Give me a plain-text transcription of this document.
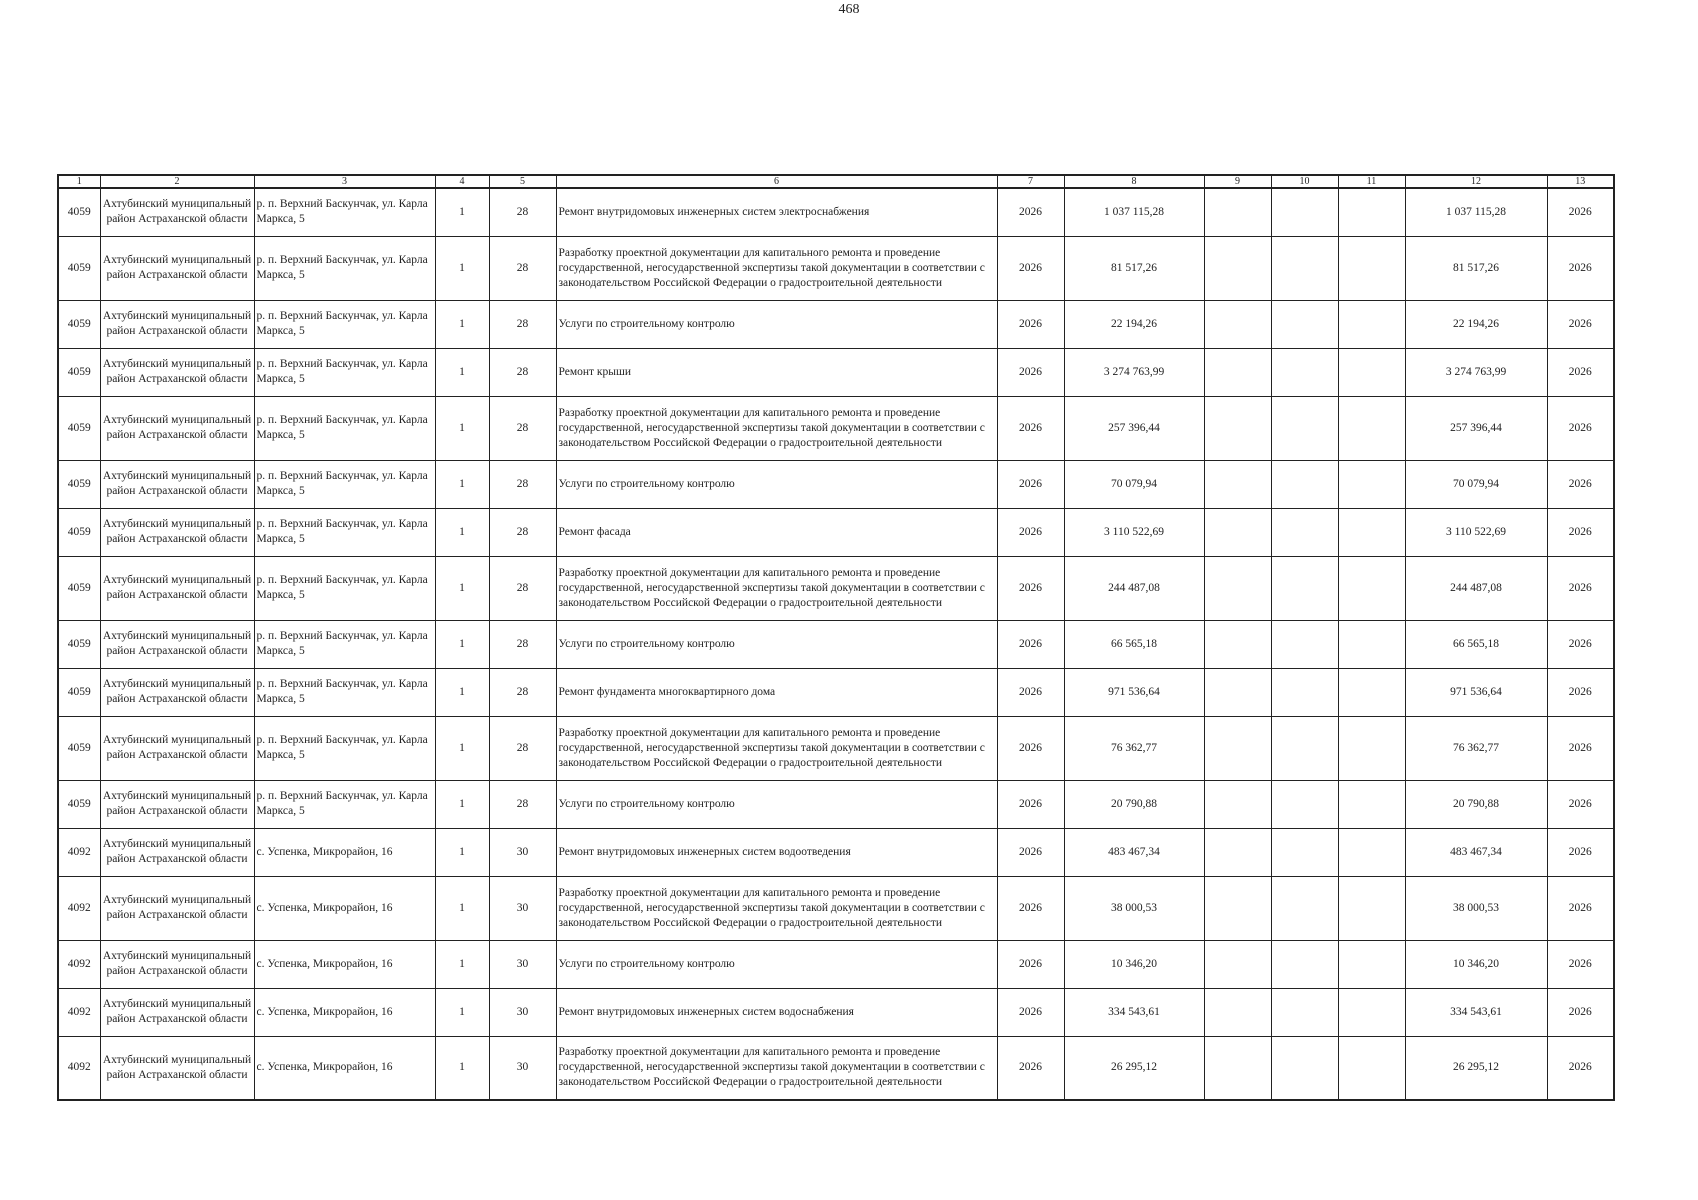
468
1	2	3	4	5	6	7	8	9	10	11	12	13
4059	Ахтубинский муниципальный район Астраханской области	р. п. Верхний Баскунчак, ул. Карла Маркса, 5	1	28	Ремонт внутридомовых инженерных систем электроснабжения	2026	1 037 115,28				1 037 115,28	2026
4059	Ахтубинский муниципальный район Астраханской области	р. п. Верхний Баскунчак, ул. Карла Маркса, 5	1	28	Разработку проектной документации для капитального ремонта и проведение государственной, негосударственной экспертизы такой документации в соответствии с законодательством Российской Федерации о градостроительной деятельности	2026	81 517,26				81 517,26	2026
4059	Ахтубинский муниципальный район Астраханской области	р. п. Верхний Баскунчак, ул. Карла Маркса, 5	1	28	Услуги по строительному контролю	2026	22 194,26				22 194,26	2026
4059	Ахтубинский муниципальный район Астраханской области	р. п. Верхний Баскунчак, ул. Карла Маркса, 5	1	28	Ремонт крыши	2026	3 274 763,99				3 274 763,99	2026
4059	Ахтубинский муниципальный район Астраханской области	р. п. Верхний Баскунчак, ул. Карла Маркса, 5	1	28	Разработку проектной документации для капитального ремонта и проведение государственной, негосударственной экспертизы такой документации в соответствии с законодательством Российской Федерации о градостроительной деятельности	2026	257 396,44				257 396,44	2026
4059	Ахтубинский муниципальный район Астраханской области	р. п. Верхний Баскунчак, ул. Карла Маркса, 5	1	28	Услуги по строительному контролю	2026	70 079,94				70 079,94	2026
4059	Ахтубинский муниципальный район Астраханской области	р. п. Верхний Баскунчак, ул. Карла Маркса, 5	1	28	Ремонт фасада	2026	3 110 522,69				3 110 522,69	2026
4059	Ахтубинский муниципальный район Астраханской области	р. п. Верхний Баскунчак, ул. Карла Маркса, 5	1	28	Разработку проектной документации для капитального ремонта и проведение государственной, негосударственной экспертизы такой документации в соответствии с законодательством Российской Федерации о градостроительной деятельности	2026	244 487,08				244 487,08	2026
4059	Ахтубинский муниципальный район Астраханской области	р. п. Верхний Баскунчак, ул. Карла Маркса, 5	1	28	Услуги по строительному контролю	2026	66 565,18				66 565,18	2026
4059	Ахтубинский муниципальный район Астраханской области	р. п. Верхний Баскунчак, ул. Карла Маркса, 5	1	28	Ремонт фундамента многоквартирного дома	2026	971 536,64				971 536,64	2026
4059	Ахтубинский муниципальный район Астраханской области	р. п. Верхний Баскунчак, ул. Карла Маркса, 5	1	28	Разработку проектной документации для капитального ремонта и проведение государственной, негосударственной экспертизы такой документации в соответствии с законодательством Российской Федерации о градостроительной деятельности	2026	76 362,77				76 362,77	2026
4059	Ахтубинский муниципальный район Астраханской области	р. п. Верхний Баскунчак, ул. Карла Маркса, 5	1	28	Услуги по строительному контролю	2026	20 790,88				20 790,88	2026
4092	Ахтубинский муниципальный район Астраханской области	с. Успенка, Микрорайон, 16	1	30	Ремонт внутридомовых инженерных систем водоотведения	2026	483 467,34				483 467,34	2026
4092	Ахтубинский муниципальный район Астраханской области	с. Успенка, Микрорайон, 16	1	30	Разработку проектной документации для капитального ремонта и проведение государственной, негосударственной экспертизы такой документации в соответствии с законодательством Российской Федерации о градостроительной деятельности	2026	38 000,53				38 000,53	2026
4092	Ахтубинский муниципальный район Астраханской области	с. Успенка, Микрорайон, 16	1	30	Услуги по строительному контролю	2026	10 346,20				10 346,20	2026
4092	Ахтубинский муниципальный район Астраханской области	с. Успенка, Микрорайон, 16	1	30	Ремонт внутридомовых инженерных систем водоснабжения	2026	334 543,61				334 543,61	2026
4092	Ахтубинский муниципальный район Астраханской области	с. Успенка, Микрорайон, 16	1	30	Разработку проектной документации для капитального ремонта и проведение государственной, негосударственной экспертизы такой документации в соответствии с законодательством Российской Федерации о градостроительной деятельности	2026	26 295,12				26 295,12	2026
